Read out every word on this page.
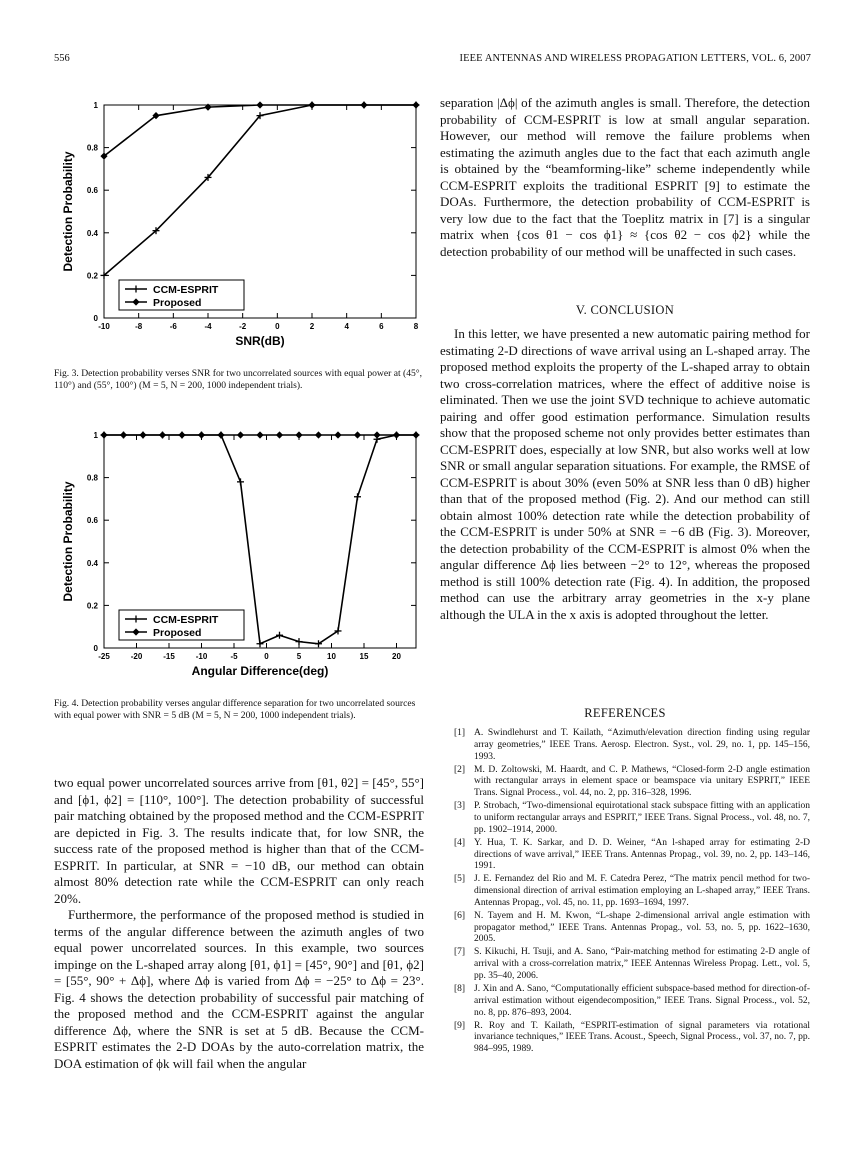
556	IEEE ANTENNAS AND WIRELESS PROPAGATION LETTERS, VOL. 6, 2007
0
0.2
0.4
0.6
0.8
1
-10	-8	-6	-4	-2	0	2	4	6	8
SNR(dB)
Detection Probability
CCM-ESPRIT
Proposed
Fig. 3. Detection probability verses SNR for two uncorrelated sources with equal power at (45°, 110°) and (55°, 100°) (M = 5, N = 200, 1000 independent trials).
0
0.2
0.4
0.6
0.8
1
-25	-20	-15	-10	-5	0	5	10	15	20
Angular Difference(deg)
Detection Probability
CCM-ESPRIT
Proposed
Fig. 4. Detection probability verses angular difference separation for two uncorrelated sources with equal power with SNR = 5 dB (M = 5, N = 200, 1000 independent trials).

two equal power uncorrelated sources arrive from [θ1, θ2] = [45°, 55°] and [ϕ1, ϕ2] = [110°, 100°]. The detection probability of successful pair matching obtained by the proposed method and the CCM-ESPRIT are depicted in Fig. 3. The results indicate that, for low SNR, the success rate of the proposed method is higher than that of the CCM-ESPRIT. In particular, at SNR = −10 dB, our method can obtain almost 80% detection rate while the CCM-ESPRIT can only reach 20%.

Furthermore, the performance of the proposed method is studied in terms of the angular difference between the azimuth angles of two equal power uncorrelated sources. In this example, two sources impinge on the L-shaped array along [θ1, ϕ1] = [45°, 90°] and [θ1, ϕ2] = [55°, 90° + Δϕ], where Δϕ is varied from Δϕ = −25° to Δϕ = 23°. Fig. 4 shows the detection probability of successful pair matching of the proposed method and the CCM-ESPRIT against the angular difference Δϕ, where the SNR is set at 5 dB. Because the CCM-ESPRIT estimates the 2-D DOAs by the auto-correlation matrix, the DOA estimation of ϕk will fail when the angular

separation |Δϕ| of the azimuth angles is small. Therefore, the detection probability of CCM-ESPRIT is low at small angular separation. However, our method will remove the failure problems when estimating the azimuth angles due to the fact that each azimuth angle is obtained by the “beamforming-like” scheme independently while CCM-ESPRIT exploits the traditional ESPRIT [9] to estimate the DOAs. Furthermore, the detection probability of CCM-ESPRIT is very low due to the fact that the Toeplitz matrix in [7] is a singular matrix when {cos θ1 − cos ϕ1} ≈ {cos θ2 − cos ϕ2} while the detection probability of our method will be unaffected in such cases.

V. CONCLUSION

In this letter, we have presented a new automatic pairing method for estimating 2-D directions of wave arrival using an L-shaped array. The proposed method exploits the property of the L-shaped array to obtain two cross-correlation matrices, where the effect of additive noise is eliminated. Then we use the joint SVD technique to achieve automatic pairing and offer good estimation performance. Simulation results show that the proposed scheme not only provides better estimates than CCM-ESPRIT does, especially at low SNR, but also works well at low SNR or small angular separation situations. For example, the RMSE of CCM-ESPRIT is about 30% (even 50% at SNR less than 0 dB) higher than that of the proposed method (Fig. 2). And our method can still obtain almost 100% detection rate while the detection probability of the CCM-ESPRIT is under 50% at SNR = −6 dB (Fig. 3). Moreover, the detection probability of the CCM-ESPRIT is almost 0% when the angular difference Δϕ lies between −2° to 12°, whereas the proposed method is still 100% detection rate (Fig. 4). In addition, the proposed method can use the arbitrary array geometries in the x-y plane although the ULA in the x axis is adopted throughout the letter.

REFERENCES
[1] A. Swindlehurst and T. Kailath, “Azimuth/elevation direction finding using regular array geometries,” IEEE Trans. Aerosp. Electron. Syst., vol. 29, no. 1, pp. 145–156, 1993.
[2] M. D. Zoltowski, M. Haardt, and C. P. Mathews, “Closed-form 2-D angle estimation with rectangular arrays in element space or beamspace via unitary ESPRIT,” IEEE Trans. Signal Process., vol. 44, no. 2, pp. 316–328, 1996.
[3] P. Strobach, “Two-dimensional equirotational stack subspace fitting with an application to uniform rectangular arrays and ESPRIT,” IEEE Trans. Signal Process., vol. 48, no. 7, pp. 1902–1914, 2000.
[4] Y. Hua, T. K. Sarkar, and D. D. Weiner, “An l-shaped array for estimating 2-D directions of wave arrival,” IEEE Trans. Antennas Propag., vol. 39, no. 2, pp. 143–146, 1991.
[5] J. E. Fernandez del Rio and M. F. Catedra Perez, “The matrix pencil method for two-dimensional direction of arrival estimation employing an L-shaped array,” IEEE Trans. Antennas Propag., vol. 45, no. 11, pp. 1693–1694, 1997.
[6] N. Tayem and H. M. Kwon, “L-shape 2-dimensional arrival angle estimation with propagator method,” IEEE Trans. Antennas Propag., vol. 53, no. 5, pp. 1622–1630, 2005.
[7] S. Kikuchi, H. Tsuji, and A. Sano, “Pair-matching method for estimating 2-D angle of arrival with a cross-correlation matrix,” IEEE Antennas Wireless Propag. Lett., vol. 5, pp. 35–40, 2006.
[8] J. Xin and A. Sano, “Computationally efficient subspace-based method for direction-of-arrival estimation without eigendecomposition,” IEEE Trans. Signal Process., vol. 52, no. 8, pp. 876–893, 2004.
[9] R. Roy and T. Kailath, “ESPRIT-estimation of signal parameters via rotational invariance techniques,” IEEE Trans. Acoust., Speech, Signal Process., vol. 37, no. 7, pp. 984–995, 1989.
